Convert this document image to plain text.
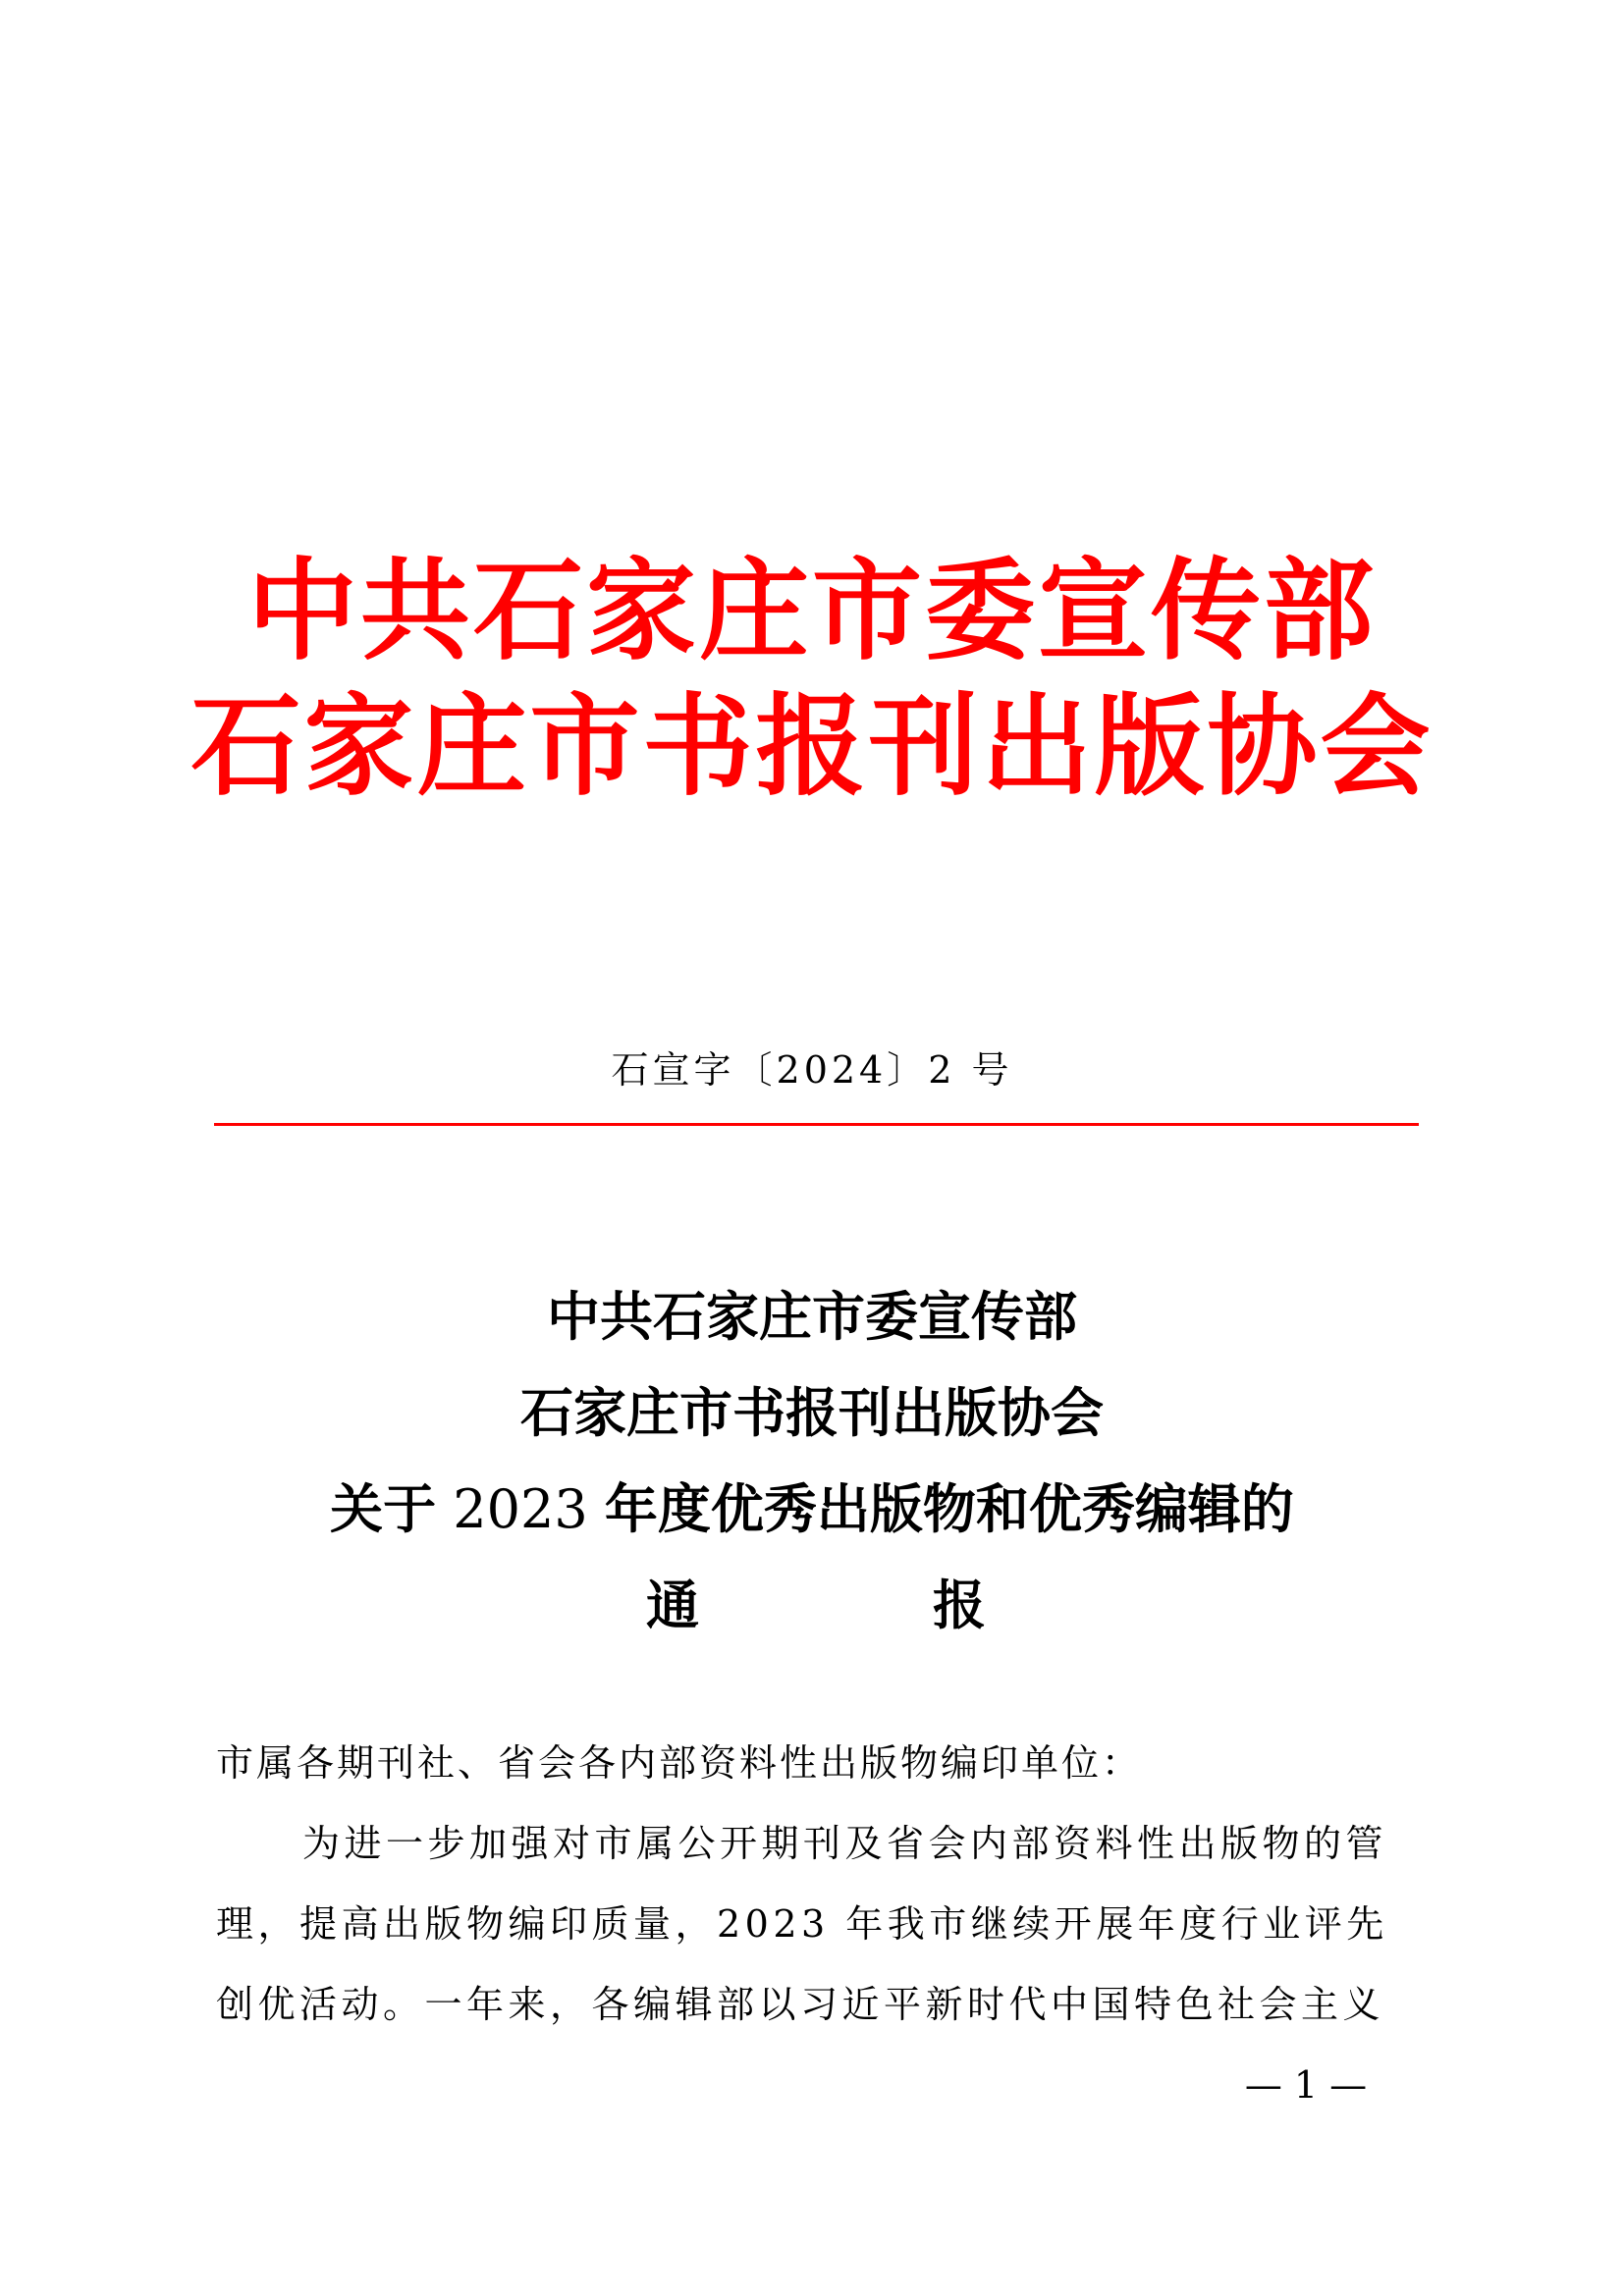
中共石家庄市委宣传部
石家庄市书报刊出版协会
石宣字〔2024〕2 号
中共石家庄市委宣传部
石家庄市书报刊出版协会
关于 2023 年度优秀出版物和优秀编辑的
通	报
市属各期刊社、省会各内部资料性出版物编印单位：
为进一步加强对市属公开期刊及省会内部资料性出版物的管
理，提高出版物编印质量，2023 年我市继续开展年度行业评先
创优活动。一年来，各编辑部以习近平新时代中国特色社会主义
— 1 —
